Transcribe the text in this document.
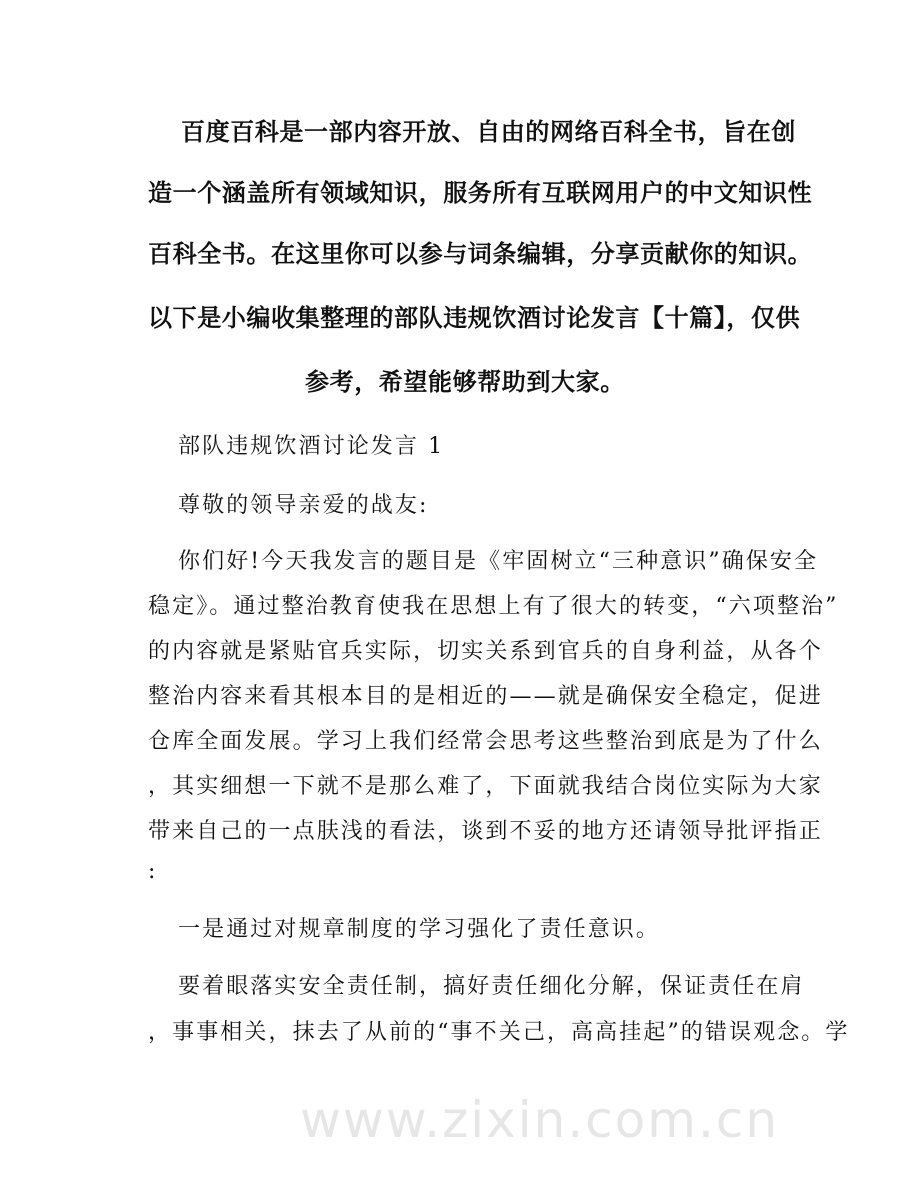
百度百科是一部内容开放、自由的网络百科全书，旨在创
造一个涵盖所有领域知识，服务所有互联网用户的中文知识性
百科全书。在这里你可以参与词条编辑，分享贡献你的知识。
以下是小编收集整理的部队违规饮酒讨论发言【十篇】，仅供
参考，希望能够帮助到大家。
部队违规饮酒讨论发言 1
尊敬的领导亲爱的战友:
你们好!今天我发言的题目是《牢固树立“三种意识”确保安全
稳定》。通过整治教育使我在思想上有了很大的转变，“六项整治”
的内容就是紧贴官兵实际，切实关系到官兵的自身利益，从各个
整治内容来看其根本目的是相近的——就是确保安全稳定，促进
仓库全面发展。学习上我们经常会思考这些整治到底是为了什么
，其实细想一下就不是那么难了，下面就我结合岗位实际为大家
带来自己的一点肤浅的看法，谈到不妥的地方还请领导批评指正
:
一是通过对规章制度的学习强化了责任意识。
要着眼落实安全责任制，搞好责任细化分解，保证责任在肩
，事事相关，抹去了从前的“事不关己，高高挂起”的错误观念。学
www.zixin.com.cn
